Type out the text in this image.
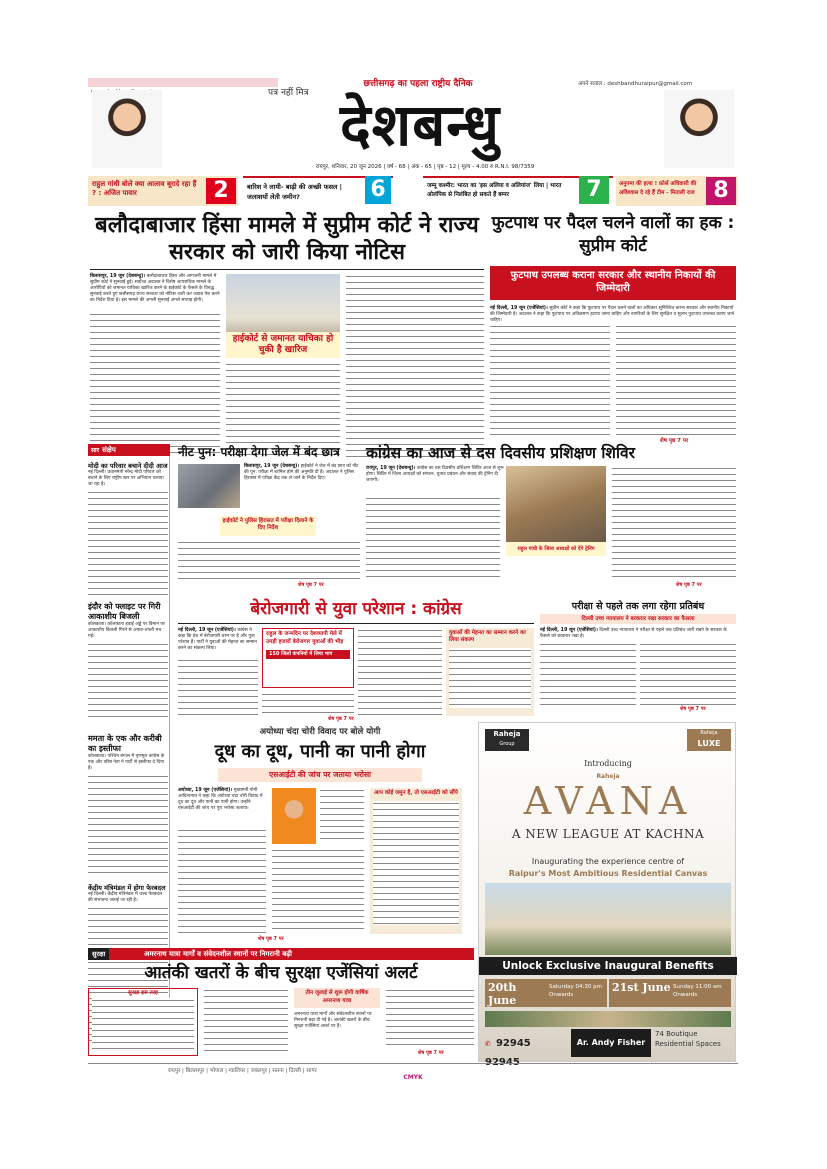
छत्तीसगढ़ का पहला राष्ट्रीय दैनिक	अपने सवाल : deshbandhuraipur@gmail.com
पत्र नहीं मित्र देशबन्धु
रायपुर, शनिवार, 20 जून 2026 | वर्ष - 68 | अंक - 65 | पृष्ठ - 12 | मूल्य - 4.00 रु R.N.I. 98/7359
राहुल गांधी बोले क्या आलाव बूरादे रहा हैं ? : अजित पावार	2	बारिश ने लायी- बाढ़ी की अच्छी फसल | जलाशयों लेती जमीन?	6	जम्मू कश्मीर: भारत का 'इस अलिया व अलियांज' लिया | भारत ओलंपिक से निलंबित हो सकते हैं बम्पर	7	अनुपमा की हत्या ! फ़ोर्स अधिकारी की अविश्वास दे रहे हैं टीम - मिताली राज 8
बलौदाबाजार हिंसा मामले में सुप्रीम कोर्ट ने राज्य सरकार को जारी किया नोटिस
बिलासपुर, 19 जून (देशबन्धु)। बलौदाबाजार हिंसा और आगजनी मामले में सुप्रीम कोर्ट ने सुनवाई हुई। सर्वोच्च अदालत ने विशेष आपराधिक मामले के आरोपियों को जमानत याचिका खारिज करने के हाईकोर्ट के फैसले के विरुद्ध सुनवाई करते हुए छत्तीसगढ़ राज्य सरकार को नोटिस जारी कर जवाब पेश करने का निर्देश दिया है। इस मामले की अगली सुनवाई अगले सप्ताह होगी।
हाईकोर्ट से जमानत याचिका हो चुकी है खारिज
फुटपाथ पर पैदल चलने वालों का हक : सुप्रीम कोर्ट
फुटपाथ उपलब्ध कराना सरकार और स्थानीय निकायों की जिम्मेदारी
नई दिल्ली, 19 जून (एजेंसियां)। सुप्रीम कोर्ट ने कहा कि फुटपाथ पर पैदल चलने वालों का अधिकार सुनिश्चित करना सरकार और स्थानीय निकायों की जिम्मेदारी है। अदालत ने कहा कि फुटपाथ पर अतिक्रमण हटाया जाना चाहिए और नागरिकों के लिए सुरक्षित व सुलभ फुटपाथ उपलब्ध कराए जाने चाहिए।
शेष पृष्ठ 7 पर
सार संक्षेप
मोदी का परिवार बचाने दीदी आज
नई दिल्ली। प्रधानमंत्री नरेन्द्र मोदी परिवार को बचाने के लिए राष्ट्रीय स्तर पर अभियान चलाया जा रहा है।
इंदौर को फ्लाइट पर गिरी आकाशीय बिजली
कोलकाता। कोलकाता हवाई अड्डे पर विमान पर आकाशीय बिजली गिरने से अफरा-तफरी मच गई।
ममता के एक और करीबी का इस्तीफा
कोलकाता। पश्चिम बंगाल में तृणमूल कांग्रेस के एक और वरिष्ठ नेता ने पार्टी से इस्तीफा दे दिया है।
केंद्रीय मंत्रिमंडल में होगा फेरबदल
नई दिल्ली। केंद्रीय मंत्रिमंडल में जल्द फेरबदल की संभावना जताई जा रही है।
नीट पुन: परीक्षा देगा जेल में बंद छात्र
बिलासपुर, 19 जून (देशबन्धु)। हाईकोर्ट ने जेल में बंद छात्र को नीट की पुन: परीक्षा में शामिल होने की अनुमति दी है। अदालत ने पुलिस हिरासत में परीक्षा केंद्र तक ले जाने के निर्देश दिए।
हाईकोर्ट ने पुलिस हिरासत में परीक्षा दिलाने के दिए निर्देश
शेष पृष्ठ 7 पर
कांग्रेस का आज से दस दिवसीय प्रशिक्षण शिविर
रायपुर, 19 जून (देशबन्धु)। कांग्रेस का दस दिवसीय प्रशिक्षण शिविर आज से शुरू होगा। शिविर में जिला अध्यक्षों को संगठन, चुनाव प्रबंधन और संवाद की ट्रेनिंग दी जाएगी।
राहुल गांधी के जिला अध्यक्षों को देंगे ट्रेनिंग
शेष पृष्ठ 7 पर
बेरोजगारी से युवा परेशान : कांग्रेस
नई दिल्ली, 19 जून (एजेंसियां)। कांग्रेस ने कहा कि देश में बेरोजगारी चरम पर है और युवा परेशान हैं। पार्टी ने युवाओं की मेहनत का सम्मान करने का संकल्प लिया।
राहुल के जन्मदिन पर देशव्यापी मेले में उमड़ी हजारों बेरोजगार युवाओं की भीड़
150 जिलों कंपनियों में लिया भाग
युवाओं की मेहनत का सम्मान करने का लिया संकल्प
शेष पृष्ठ 7 पर
परीक्षा से पहले तक लगा रहेगा प्रतिबंध
दिल्ली उच्च न्यायालय ने बरकरार रखा सरकार का फैसला
नई दिल्ली, 19 जून (एजेंसियां)। दिल्ली उच्च न्यायालय ने परीक्षा से पहले तक प्रतिबंध जारी रखने के सरकार के फैसले को बरकरार रखा है।
शेष पृष्ठ 7 पर
अयोध्या चंदा चोरी विवाद पर बोले योगी
दूध का दूध, पानी का पानी होगा
एसआईटी की जांच पर जताया भरोसा
अयोध्या, 19 जून (एजेंसियां)। मुख्यमंत्री योगी आदित्यनाथ ने कहा कि अयोध्या चंदा चोरी विवाद में दूध का दूध और पानी का पानी होगा। उन्होंने एसआईटी की जांच पर पूरा भरोसा जताया।
आप कोई जमुन है, तो एसआईटी को सौंपे
शेष पृष्ठ 7 पर
Raheja
Group
Raheja
LUXE
Introducing
Raheja
AVANA
A NEW LEAGUE AT KACHNA
Inaugurating the experience centre of
Raipur's Most Ambitious Residential Canvas
Unlock Exclusive Inaugural Benefits
20th June
Saturday 04:30 pm Onwards
21st June Sunday 11:00 am Onwards
✆ 92945 92945
Ar. Andy Fisher
74 Boutique Residential Spaces
सुरक्षा	अमरनाथ यात्रा मार्गों व संवेदनशील स्थानों पर निगरानी बढ़ी
आतंकी खतरों के बीच सुरक्षा एजेंसियां अलर्ट
सुरक्षा इस तरह	तीन जुलाई से शुरू होगी वार्षिक अमरनाथ यात्रा
अमरनाथ यात्रा मार्गों और संवेदनशील स्थानों पर निगरानी बढ़ा दी गई है। आतंकी खतरों के बीच सुरक्षा एजेंसियां अलर्ट पर हैं।
शेष पृष्ठ 7 पर
रायपुर | बिलासपुर | भोपाल | ग्वालियर | जबलपुर | सतना | दिल्ली | सागर
CMYK
